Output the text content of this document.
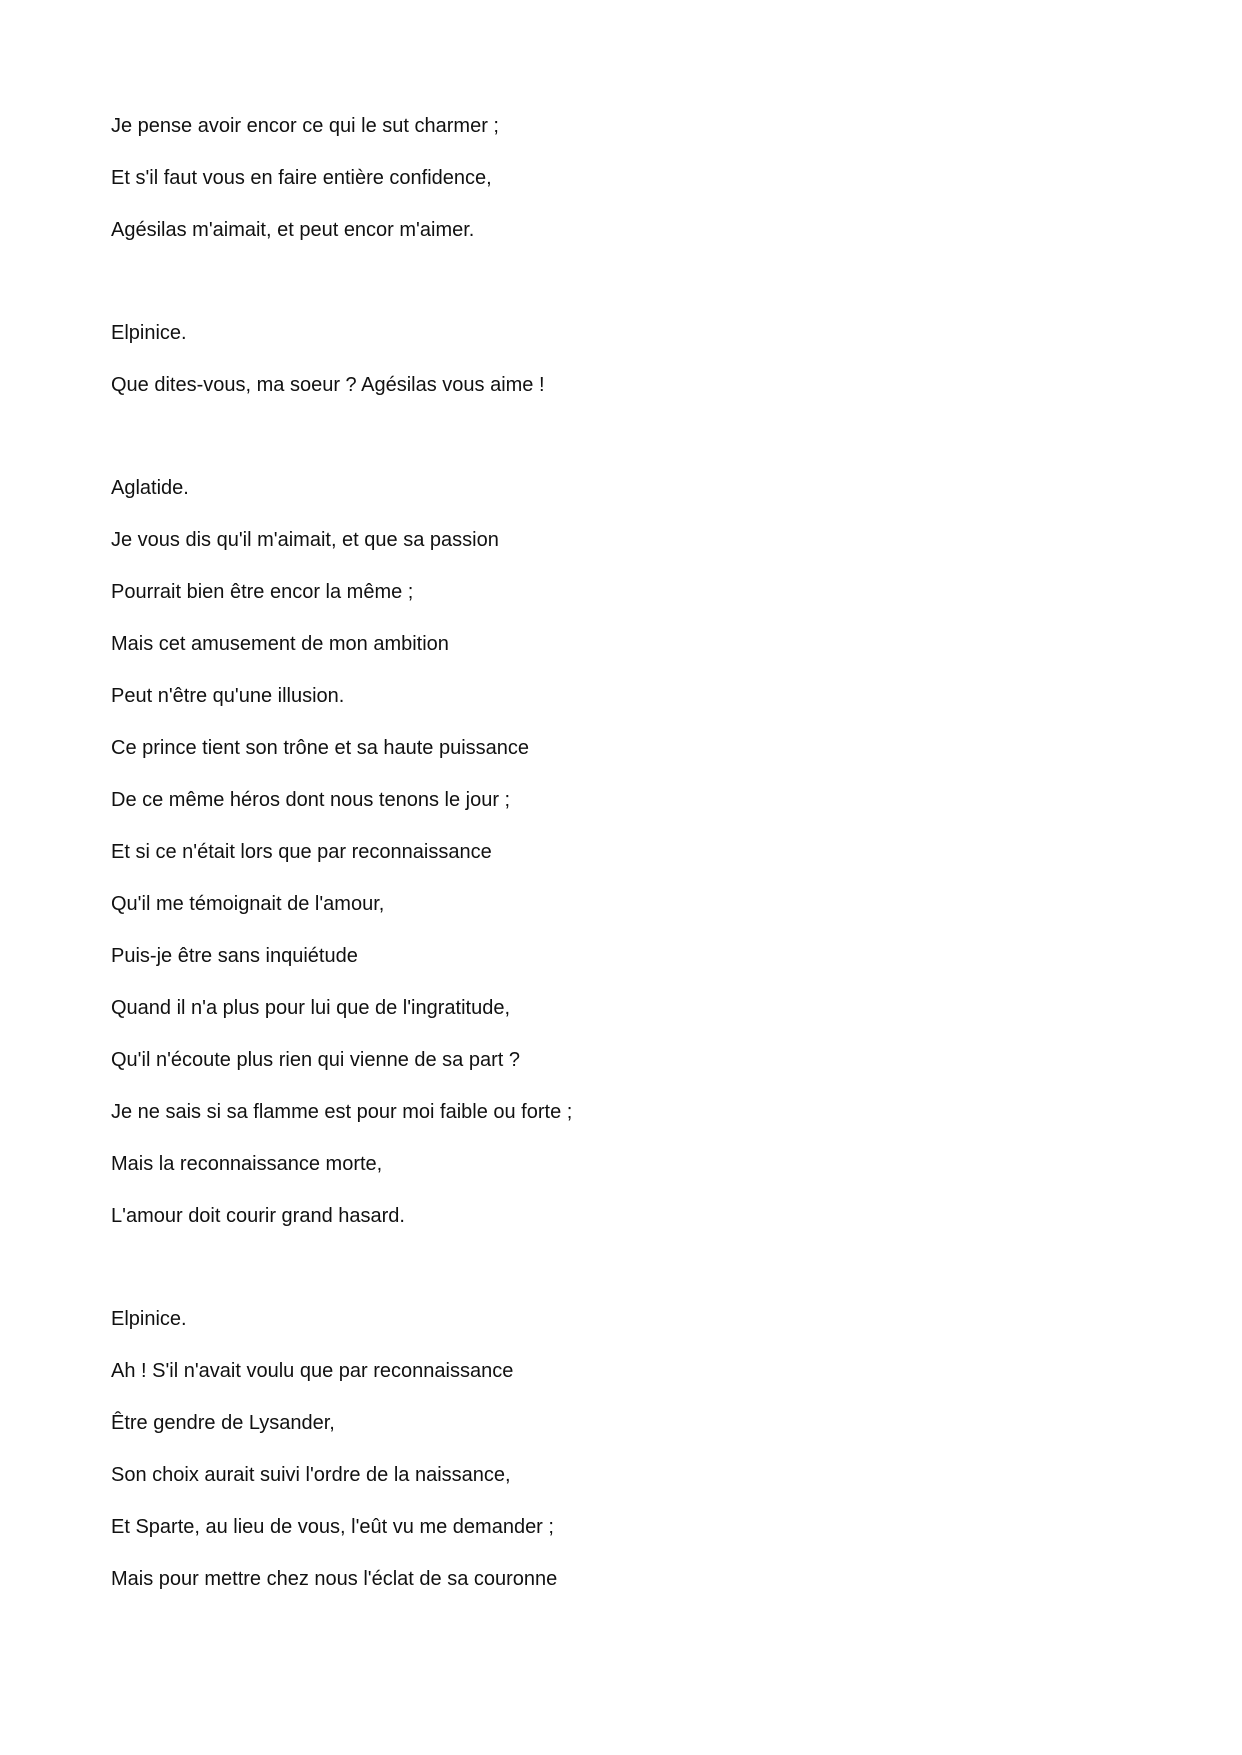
Je pense avoir encor ce qui le sut charmer ;
Et s'il faut vous en faire entière confidence,
Agésilas m'aimait, et peut encor m'aimer.
Elpinice.
Que dites-vous, ma soeur ? Agésilas vous aime !
Aglatide.
Je vous dis qu'il m'aimait, et que sa passion
Pourrait bien être encor la même ;
Mais cet amusement de mon ambition
Peut n'être qu'une illusion.
Ce prince tient son trône et sa haute puissance
De ce même héros dont nous tenons le jour ;
Et si ce n'était lors que par reconnaissance
Qu'il me témoignait de l'amour,
Puis-je être sans inquiétude
Quand il n'a plus pour lui que de l'ingratitude,
Qu'il n'écoute plus rien qui vienne de sa part ?
Je ne sais si sa flamme est pour moi faible ou forte ;
Mais la reconnaissance morte,
L'amour doit courir grand hasard.
Elpinice.
Ah ! S'il n'avait voulu que par reconnaissance
Être gendre de Lysander,
Son choix aurait suivi l'ordre de la naissance,
Et Sparte, au lieu de vous, l'eût vu me demander ;
Mais pour mettre chez nous l'éclat de sa couronne
